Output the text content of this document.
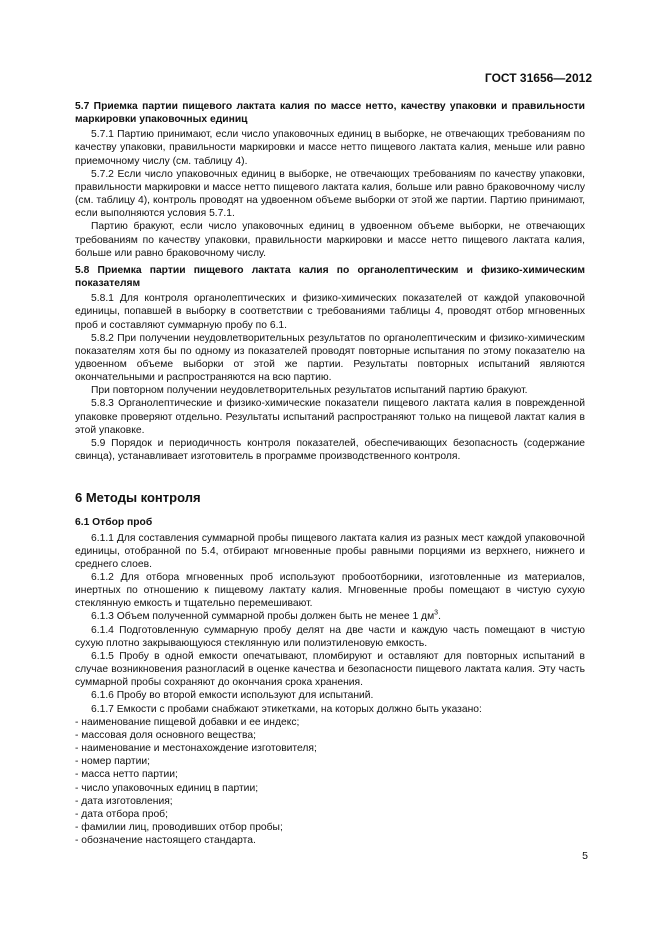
ГОСТ 31656—2012

5.7 Приемка партии пищевого лактата калия по массе нетто, качеству упаковки и правильности маркировки упаковочных единиц

5.7.1 Партию принимают, если число упаковочных единиц в выборке, не отвечающих требованиям по качеству упаковки, правильности маркировки и массе нетто пищевого лактата калия, меньше или равно приемочному числу (см. таблицу 4).

5.7.2 Если число упаковочных единиц в выборке, не отвечающих требованиям по качеству упаковки, правильности маркировки и массе нетто пищевого лактата калия, больше или равно браковочному числу (см. таблицу 4), контроль проводят на удвоенном объеме выборки от этой же партии. Партию принимают, если выполняются условия 5.7.1.

Партию бракуют, если число упаковочных единиц в удвоенном объеме выборки, не отвечающих требованиям по качеству упаковки, правильности маркировки и массе нетто пищевого лактата калия, больше или равно браковочному числу.

5.8 Приемка партии пищевого лактата калия по органолептическим и физико-химическим показателям

5.8.1 Для контроля органолептических и физико-химических показателей от каждой упаковочной единицы, попавшей в выборку в соответствии с требованиями таблицы 4, проводят отбор мгновенных проб и составляют суммарную пробу по 6.1.

5.8.2 При получении неудовлетворительных результатов по органолептическим и физико-химическим показателям хотя бы по одному из показателей проводят повторные испытания по этому показателю на удвоенном объеме выборки от этой же партии. Результаты повторных испытаний являются окончательными и распространяются на всю партию.

При повторном получении неудовлетворительных результатов испытаний партию бракуют.

5.8.3 Органолептические и физико-химические показатели пищевого лактата калия в поврежденной упаковке проверяют отдельно. Результаты испытаний распространяют только на пищевой лактат калия в этой упаковке.

5.9 Порядок и периодичность контроля показателей, обеспечивающих безопасность (содержание свинца), устанавливает изготовитель в программе производственного контроля.

6 Методы контроля

6.1 Отбор проб

6.1.1 Для составления суммарной пробы пищевого лактата калия из разных мест каждой упаковочной единицы, отобранной по 5.4, отбирают мгновенные пробы равными порциями из верхнего, нижнего и среднего слоев.

6.1.2 Для отбора мгновенных проб используют пробоотборники, изготовленные из материалов, инертных по отношению к пищевому лактату калия. Мгновенные пробы помещают в чистую сухую стеклянную емкость и тщательно перемешивают.

6.1.3 Объем полученной суммарной пробы должен быть не менее 1 $дм^3$.

6.1.4 Подготовленную суммарную пробу делят на две части и каждую часть помещают в чистую сухую плотно закрывающуюся стеклянную или полиэтиленовую емкость.

6.1.5 Пробу в одной емкости опечатывают, пломбируют и оставляют для повторных испытаний в случае возникновения разногласий в оценке качества и безопасности пищевого лактата калия. Эту часть суммарной пробы сохраняют до окончания срока хранения.

6.1.6 Пробу во второй емкости используют для испытаний.

6.1.7 Емкости с пробами снабжают этикетками, на которых должно быть указано:

- наименование пищевой добавки и ее индекс;
- массовая доля основного вещества;
- наименование и местонахождение изготовителя;
- номер партии;
- масса нетто партии;
- число упаковочных единиц в партии;
- дата изготовления;
- дата отбора проб;
- фамилии лиц, проводивших отбор пробы;
- обозначение настоящего стандарта.
5
